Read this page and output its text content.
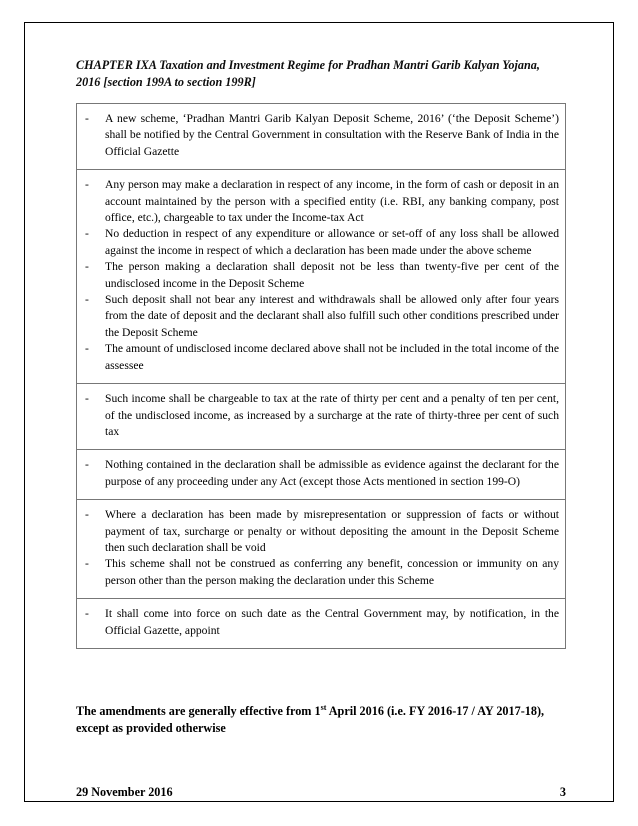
CHAPTER IXA Taxation and Investment Regime for Pradhan Mantri Garib Kalyan Yojana, 2016 [section 199A to section 199R]
-	A new scheme, ‘Pradhan Mantri Garib Kalyan Deposit Scheme, 2016’ (‘the Deposit Scheme’) shall be notified by the Central Government in consultation with the Reserve Bank of India in the Official Gazette

-	Any person may make a declaration in respect of any income, in the form of cash or deposit in an account maintained by the person with a specified entity (i.e. RBI, any banking company, post office, etc.), chargeable to tax under the Income-tax Act
-	No deduction in respect of any expenditure or allowance or set-off of any loss shall be allowed against the income in respect of which a declaration has been made under the above scheme
-	The person making a declaration shall deposit not be less than twenty-five per cent of the undisclosed income in the Deposit Scheme
-	Such deposit shall not bear any interest and withdrawals shall be allowed only after four years from the date of deposit and the declarant shall also fulfill such other conditions prescribed under the Deposit Scheme
-	The amount of undisclosed income declared above shall not be included in the total income of the assessee

-	Such income shall be chargeable to tax at the rate of thirty per cent and a penalty of ten per cent, of the undisclosed income, as increased by a surcharge at the rate of thirty-three per cent of such tax

-	Nothing contained in the declaration shall be admissible as evidence against the declarant for the purpose of any proceeding under any Act (except those Acts mentioned in section 199-O)

-	Where a declaration has been made by misrepresentation or suppression of facts or without payment of tax, surcharge or penalty or without depositing the amount in the Deposit Scheme then such declaration shall be void
-	This scheme shall not be construed as conferring any benefit, concession or immunity on any person other than the person making the declaration under this Scheme

-	It shall come into force on such date as the Central Government may, by notification, in the Official Gazette, appoint
The amendments are generally effective from 1st April 2016 (i.e. FY 2016-17 / AY 2017-18), except as provided otherwise
29 November 2016	3
